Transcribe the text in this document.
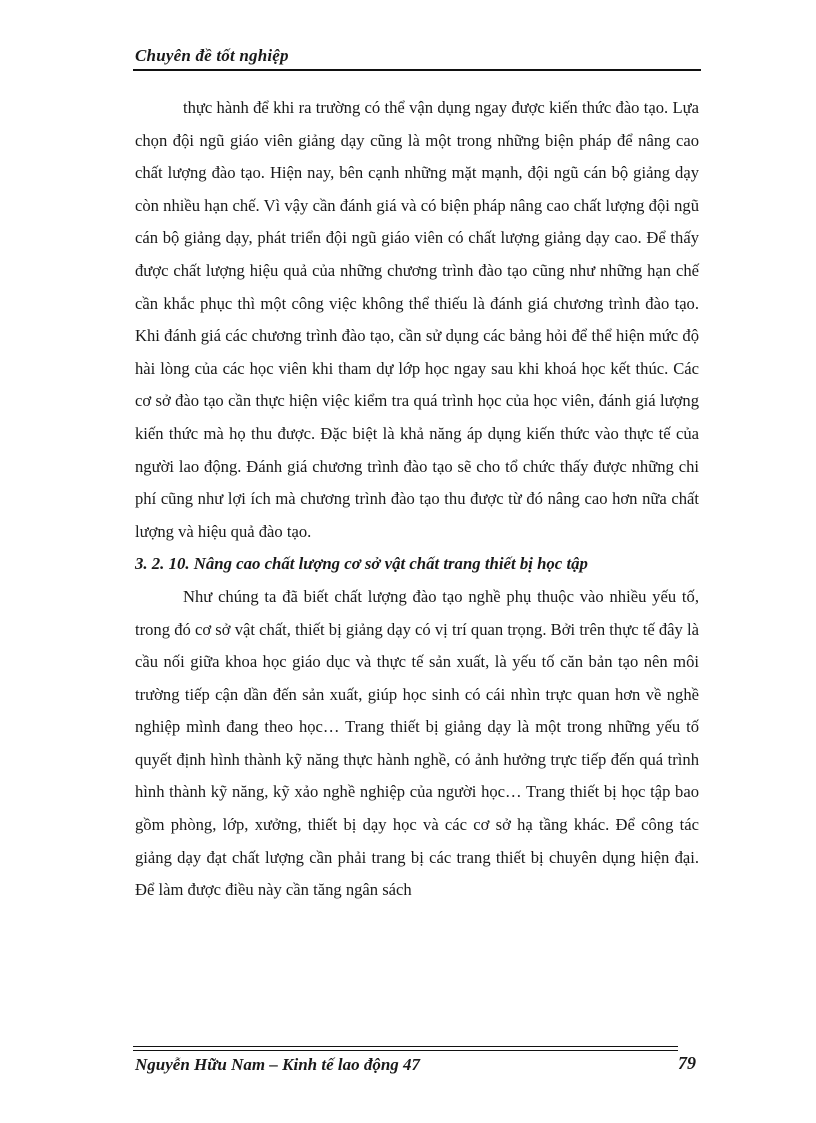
Chuyên đề tốt nghiệp

thực hành để khi ra trường có thể vận dụng ngay được kiến thức đào tạo. Lựa chọn đội ngũ giáo viên giảng dạy cũng là một trong những biện pháp để nâng cao chất lượng đào tạo. Hiện nay, bên cạnh những mặt mạnh, đội ngũ cán bộ giảng dạy còn nhiều hạn chế. Vì vậy cần đánh giá và có biện pháp nâng cao chất lượng đội ngũ cán bộ giảng dạy, phát triển đội ngũ giáo viên có chất lượng giảng dạy cao. Để thấy được chất lượng hiệu quả của những chương trình đào tạo cũng như những hạn chế cần khắc phục thì một công việc không thể thiếu là đánh giá chương trình đào tạo. Khi đánh giá các chương trình đào tạo, cần sử dụng các bảng hỏi để thể hiện mức độ hài lòng của các học viên khi tham dự lớp học ngay sau khi khoá học kết thúc. Các cơ sở đào tạo cần thực hiện việc kiểm tra quá trình học của học viên, đánh giá lượng kiến thức mà họ thu được. Đặc biệt là khả năng áp dụng kiến thức vào thực tế của người lao động. Đánh giá chương trình đào tạo sẽ cho tổ chức thấy được những chi phí cũng như lợi ích mà chương trình đào tạo thu được từ đó nâng cao hơn nữa chất lượng và hiệu quả đào tạo.

3. 2. 10. Nâng cao chất lượng cơ sở vật chất trang thiết bị học tập

Như chúng ta đã biết chất lượng đào tạo nghề phụ thuộc vào nhiều yếu tố, trong đó cơ sở vật chất, thiết bị giảng dạy có vị trí quan trọng. Bởi trên thực tế đây là cầu nối giữa khoa học giáo dục và thực tế sản xuất, là yếu tố căn bản tạo nên môi trường tiếp cận dần đến sản xuất, giúp học sinh có cái nhìn trực quan hơn về nghề nghiệp mình đang theo học… Trang thiết bị giảng dạy là một trong những yếu tố quyết định hình thành kỹ năng thực hành nghề, có ảnh hưởng trực tiếp đến quá trình hình thành kỹ năng, kỹ xảo nghề nghiệp của người học… Trang thiết bị học tập bao gồm phòng, lớp, xưởng, thiết bị dạy học và các cơ sở hạ tầng khác. Để công tác giảng dạy đạt chất lượng cần phải trang bị các trang thiết bị chuyên dụng hiện đại. Để làm được điều này cần tăng ngân sách

Nguyễn Hữu Nam – Kinh tế lao động 47	79
